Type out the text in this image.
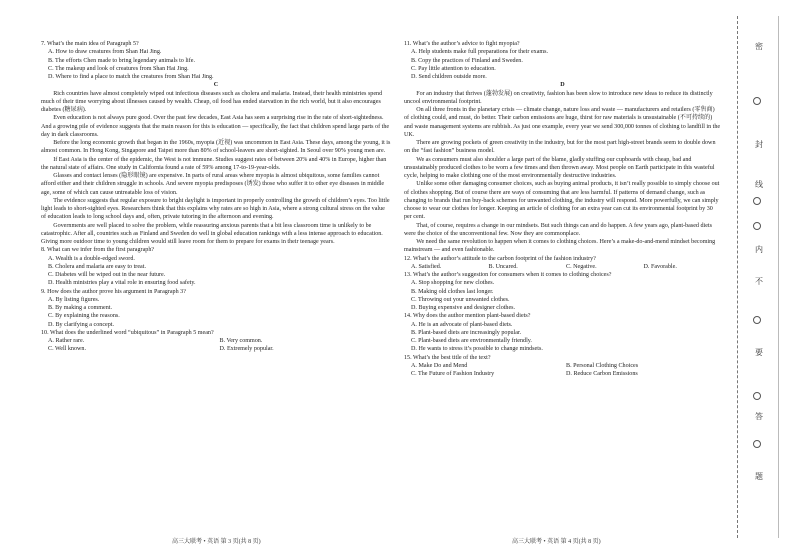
7. What’s the main idea of Paragraph 5?

A. How to draw creatures from Shan Hai Jing.

B. The efforts Chen made to bring legendary animals to life.

C. The makeup and look of creatures from Shan Hai Jing.

D. Where to find a place to match the creatures from Shan Hai Jing.

C

Rich countries have almost completely wiped out infectious diseases such as cholera and malaria. Instead, their health ministries spend much of their time worrying about illnesses caused by wealth. Cheap, oil food has ended starvation in the rich world, but it also encourages diabetes (糖尿病).

Even education is not always pure good. Over the past few decades, East Asia has seen a surprising rise in the rate of short-sightedness. And a growing pile of evidence suggests that the main reason for this is education — specifically, the fact that children spend large parts of the day in dark classrooms.

Before the long economic growth that began in the 1960s, myopia (近视) was uncommon in East Asia. These days, among the young, it is almost common. In Hong Kong, Singapore and Taipei more than 80% of school-leavers are short-sighted. In Seoul over 90% young men are.

If East Asia is the center of the epidemic, the West is not immune. Studies suggest rates of between 20% and 40% in Europe, higher than the natural state of affairs. One study in California found a rate of 59% among 17-to-19-year-olds.

Glasses and contact lenses (隐形眼镜) are expensive. In parts of rural areas where myopia is almost ubiquitous, some families cannot afford either and their children struggle in schools. And severe myopia predisposes (诱发) those who suffer it to other eye diseases in middle age, some of which can cause untreatable loss of vision.

The evidence suggests that regular exposure to bright daylight is important in properly controlling the growth of children’s eyes. Too little light leads to short-sighted eyes. Researchers think that this explains why rates are so high in Asia, where a strong cultural stress on the value of education leads to long school days and, often, private tutoring in the afternoon and evening.

Governments are well placed to solve the problem, while reassuring anxious parents that a bit less classroom time is unlikely to be catastrophic. After all, countries such as Finland and Sweden do well in global education rankings with a less intense approach to education. Giving more outdoor time to young children would still leave room for them to prepare for exams in their teenage years.

8. What can we infer from the first paragraph?

A. Wealth is a double-edged sword.

B. Cholera and malaria are easy to treat.

C. Diabetes will be wiped out in the near future.

D. Health ministries play a vital role in ensuring food safety.

9. How does the author prove his argument in Paragraph 3?

A. By listing figures.

B. By making a comment.

C. By explaining the reasons.

D. By clarifying a concept.

10. What does the underlined word “ubiquitous” in Paragraph 5 mean?

A. Rather rare.	B. Very common.
C. Well known.	D. Extremely popular.

11. What’s the author’s advice to fight myopia?

A. Help students make full preparations for their exams.

B. Copy the practices of Finland and Sweden.

C. Pay little attention to education.

D. Send children outside more.

D

For an industry that thrives (蓬勃发展) on creativity, fashion has been slow to introduce new ideas to reduce its distinctly uncool environmental footprint.

On all three fronts in the planetary crisis — climate change, nature loss and waste — manufacturers and retailers (零售商) of clothing could, and must, do better. Their carbon emissions are huge, thirst for raw materials is unsustainable (不可持续的) and waste management systems are rubbish. As just one example, every year we send 300,000 tonnes of clothing to landfill in the UK.

There are growing pockets of green creativity in the industry, but for the most part high-street brands seem to double down on the “fast fashion” business model.

We as consumers must also shoulder a large part of the blame, gladly stuffing our cupboards with cheap, bad and unsustainably produced clothes to be worn a few times and then thrown away. Most people on Earth participate in this wasteful cycle, helping to make clothing one of the most environmentally destructive industries.

Unlike some other damaging consumer choices, such as buying animal products, it isn’t really possible to simply choose out of clothes shopping. But of course there are ways of consuming that are less harmful. If patterns of demand change, such as changing to brands that run buy-back schemes for unwanted clothing, the industry will respond. More powerfully, we can simply choose to wear our clothes for longer. Keeping an article of clothing for an extra year can cut its environmental footprint by 30 per cent.

That, of course, requires a change in our mindsets. But such things can and do happen. A few years ago, plant-based diets were the choice of the unconventional few. Now they are commonplace.

We need the same revolution to happen when it comes to clothing choices. Here’s a make-do-and-mend mindset becoming mainstream — and even fashionable.

12. What’s the author’s attitude to the carbon footprint of the fashion industry?

A. Satisfied.	B. Uncared.	C. Negative.	D. Favorable.

13. What’s the author’s suggestion for consumers when it comes to clothing choices?

A. Stop shopping for new clothes.

B. Making old clothes last longer.

C. Throwing out your unwanted clothes.

D. Buying expensive and designer clothes.

14. Why does the author mention plant-based diets?

A. He is an advocate of plant-based diets.

B. Plant-based diets are increasingly popular.

C. Plant-based diets are environmentally friendly.

D. He wants to stress it’s possible to change mindsets.

15. What’s the best title of the text?

A. Make Do and Mend	B. Personal Clothing Choices
C. The Future of Fashion Industry	D. Reduce Carbon Emissions
高三大联考 • 英语 第 3 页(共 8 页)	高三大联考 • 英语 第 4 页(共 8 页)
密
封
线
内
不
要
答
题
